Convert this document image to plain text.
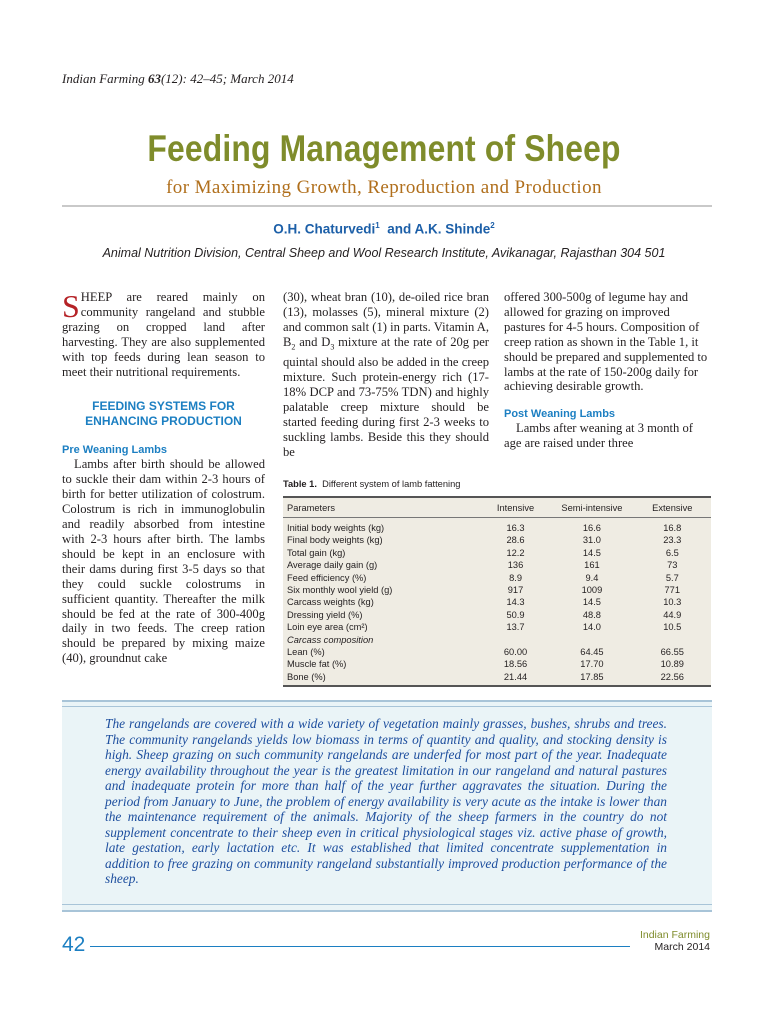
Indian Farming 63(12): 42–45; March 2014
Feeding Management of Sheep
for Maximizing Growth, Reproduction and Production
O.H. Chaturvedi$^1$ and A.K. Shinde$^2$
Animal Nutrition Division, Central Sheep and Wool Research Institute, Avikanagar, Rajasthan 304 501

SHEEP are reared mainly on community rangeland and stubble grazing on cropped land after harvesting. They are also supplemented with top feeds during lean season to meet their nutritional requirements.

FEEDING SYSTEMS FOR ENHANCING PRODUCTION
Pre Weaning Lambs

Lambs after birth should be allowed to suckle their dam within 2-3 hours of birth for better utilization of colostrum. Colostrum is rich in immunoglobulin and readily absorbed from intestine with 2-3 hours after birth. The lambs should be kept in an enclosure with their dams during first 3-5 days so that they could suckle colostrums in sufficient quantity. Thereafter the milk should be fed at the rate of 300-400g daily in two feeds. The creep ration should be prepared by mixing maize (40), groundnut cake

(30), wheat bran (10), de-oiled rice bran (13), molasses (5), mineral mixture (2) and common salt (1) in parts. Vitamin A, $B_2$ and $D_3$ mixture at the rate of 20g per quintal should also be added in the creep mixture. Such protein-energy rich (17-18% DCP and 73-75% TDN) and highly palatable creep mixture should be started feeding during first 2-3 weeks to suckling lambs. Beside this they should be

offered 300-500g of legume hay and allowed for grazing on improved pastures for 4-5 hours. Composition of creep ration as shown in the Table 1, it should be prepared and supplemented to lambs at the rate of 150-200g daily for achieving desirable growth.

Post Weaning Lambs

Lambs after weaning at 3 month of age are raised under three

Table 1. Different system of lamb fattening
Parameters	Intensive	Semi-intensive	Extensive
Initial body weights (kg)	16.3	16.6	16.8
Final body weights (kg)	28.6	31.0	23.3
Total gain (kg)	12.2	14.5	6.5
Average daily gain (g)	136	161	73
Feed efficiency (%)	8.9	9.4	5.7
Six monthly wool yield (g)	917	1009	771
Carcass weights (kg)	14.3	14.5	10.3
Dressing yield (%)	50.9	48.8	44.9
Loin eye area (cm²)	13.7	14.0	10.5
Carcass composition			
Lean (%)	60.00	64.45	66.55
Muscle fat (%)	18.56	17.70	10.89
Bone (%)	21.44	17.85	22.56
The rangelands are covered with a wide variety of vegetation mainly grasses, bushes, shrubs and trees. The community rangelands yields low biomass in terms of quantity and quality, and stocking density is high. Sheep grazing on such community rangelands are underfed for most part of the year. Inadequate energy availability throughout the year is the greatest limitation in our rangeland and natural pastures and inadequate protein for more than half of the year further aggravates the situation. During the period from January to June, the problem of energy availability is very acute as the intake is lower than the maintenance requirement of the animals. Majority of the sheep farmers in the country do not supplement concentrate to their sheep even in critical physiological stages viz. active phase of growth, late gestation, early lactation etc. It was established that limited concentrate supplementation in addition to free grazing on community rangeland substantially improved production performance of the sheep.
42	Indian Farming
March 2014
